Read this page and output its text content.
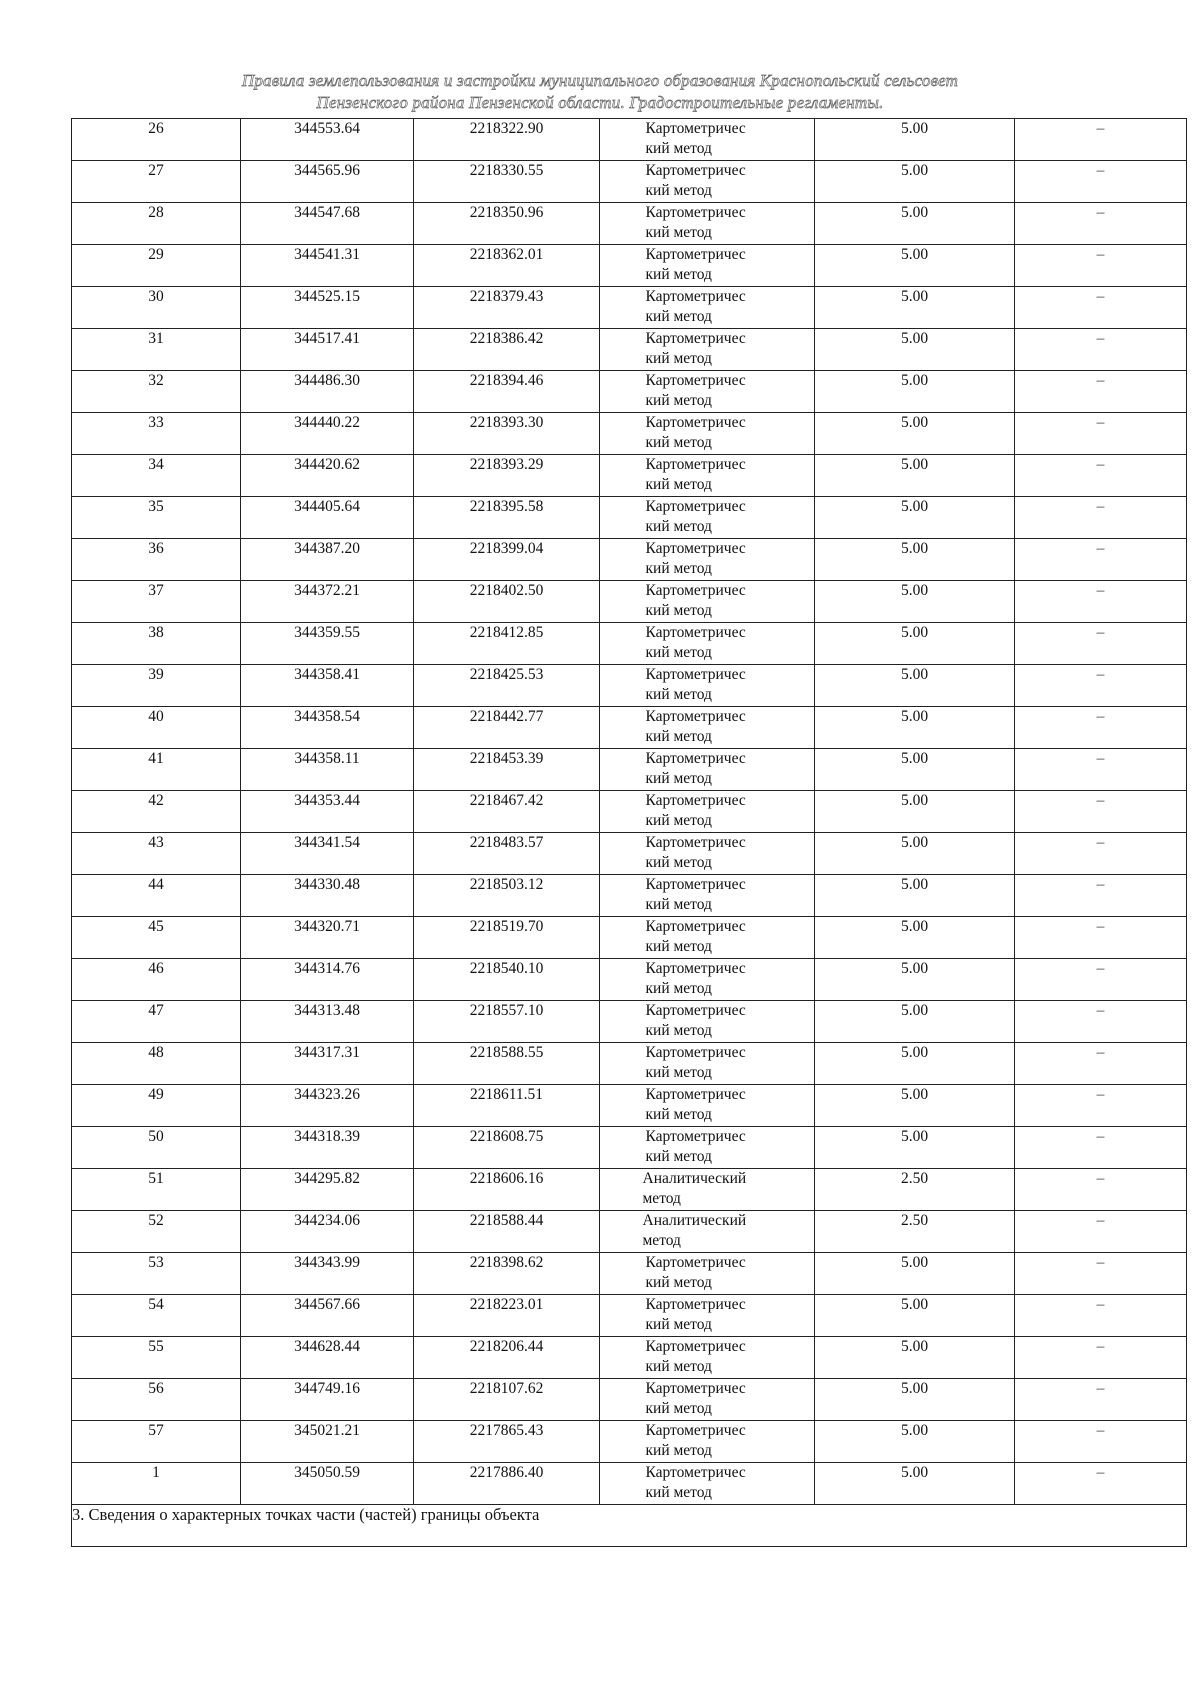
Правила землепользования и застройки муниципального образования Краснопольский сельсовет
Пензенского района Пензенской области. Градостроительные регламенты.
26	344553.64	2218322.90	Картометричес
кий метод	5.00	–
27	344565.96	2218330.55	Картометричес
кий метод	5.00	–
28	344547.68	2218350.96	Картометричес
кий метод	5.00	–
29	344541.31	2218362.01	Картометричес
кий метод	5.00	–
30	344525.15	2218379.43	Картометричес
кий метод	5.00	–
31	344517.41	2218386.42	Картометричес
кий метод	5.00	–
32	344486.30	2218394.46	Картометричес
кий метод	5.00	–
33	344440.22	2218393.30	Картометричес
кий метод	5.00	–
34	344420.62	2218393.29	Картометричес
кий метод	5.00	–
35	344405.64	2218395.58	Картометричес
кий метод	5.00	–
36	344387.20	2218399.04	Картометричес
кий метод	5.00	–
37	344372.21	2218402.50	Картометричес
кий метод	5.00	–
38	344359.55	2218412.85	Картометричес
кий метод	5.00	–
39	344358.41	2218425.53	Картометричес
кий метод	5.00	–
40	344358.54	2218442.77	Картометричес
кий метод	5.00	–
41	344358.11	2218453.39	Картометричес
кий метод	5.00	–
42	344353.44	2218467.42	Картометричес
кий метод	5.00	–
43	344341.54	2218483.57	Картометричес
кий метод	5.00	–
44	344330.48	2218503.12	Картометричес
кий метод	5.00	–
45	344320.71	2218519.70	Картометричес
кий метод	5.00	–
46	344314.76	2218540.10	Картометричес
кий метод	5.00	–
47	344313.48	2218557.10	Картометричес
кий метод	5.00	–
48	344317.31	2218588.55	Картометричес
кий метод	5.00	–
49	344323.26	2218611.51	Картометричес
кий метод	5.00	–
50	344318.39	2218608.75	Картометричес
кий метод	5.00	–
51	344295.82	2218606.16	Аналитический
метод	2.50	–
52	344234.06	2218588.44	Аналитический
метод	2.50	–
53	344343.99	2218398.62	Картометричес
кий метод	5.00	–
54	344567.66	2218223.01	Картометричес
кий метод	5.00	–
55	344628.44	2218206.44	Картометричес
кий метод	5.00	–
56	344749.16	2218107.62	Картометричес
кий метод	5.00	–
57	345021.21	2217865.43	Картометричес
кий метод	5.00	–
1	345050.59	2217886.40	Картометричес
кий метод	5.00	–
3. Сведения о характерных точках части (частей) границы объекта					
